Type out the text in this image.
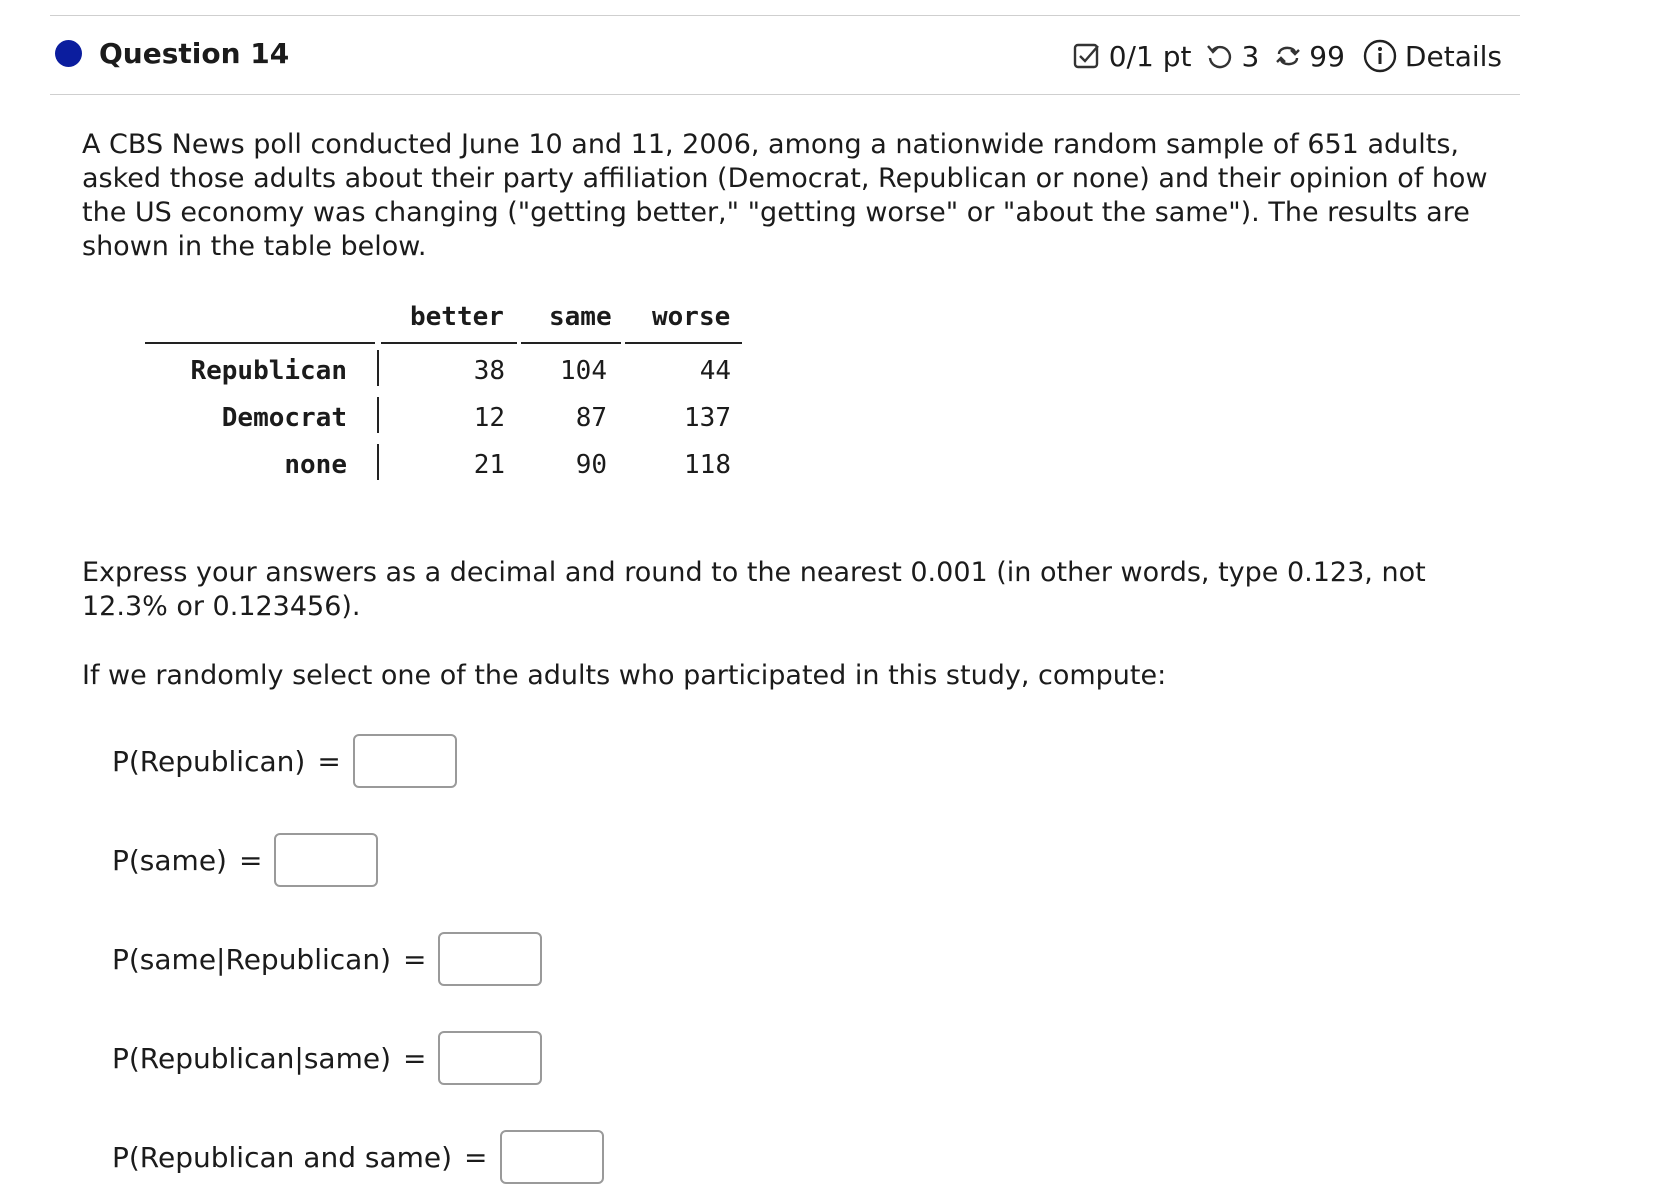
Question 14	0/1 pt 3 99 Details
A CBS News poll conducted June 10 and 11, 2006, among a nationwide random sample of 651 adults, asked those adults about their party affiliation (Democrat, Republican or none) and their opinion of how the US economy was changing ("getting better," "getting worse" or "about the same"). The results are shown in the table below.
better same worse
Republican	38	104	44
Democrat	12	87	137
none	21	90	118
Express your answers as a decimal and round to the nearest 0.001 (in other words, type 0.123, not 12.3% or 0.123456).
If we randomly select one of the adults who participated in this study, compute:
P(Republican) =
P(same) =
P(same|Republican) =
P(Republican|same) =
P(Republican and same) =
